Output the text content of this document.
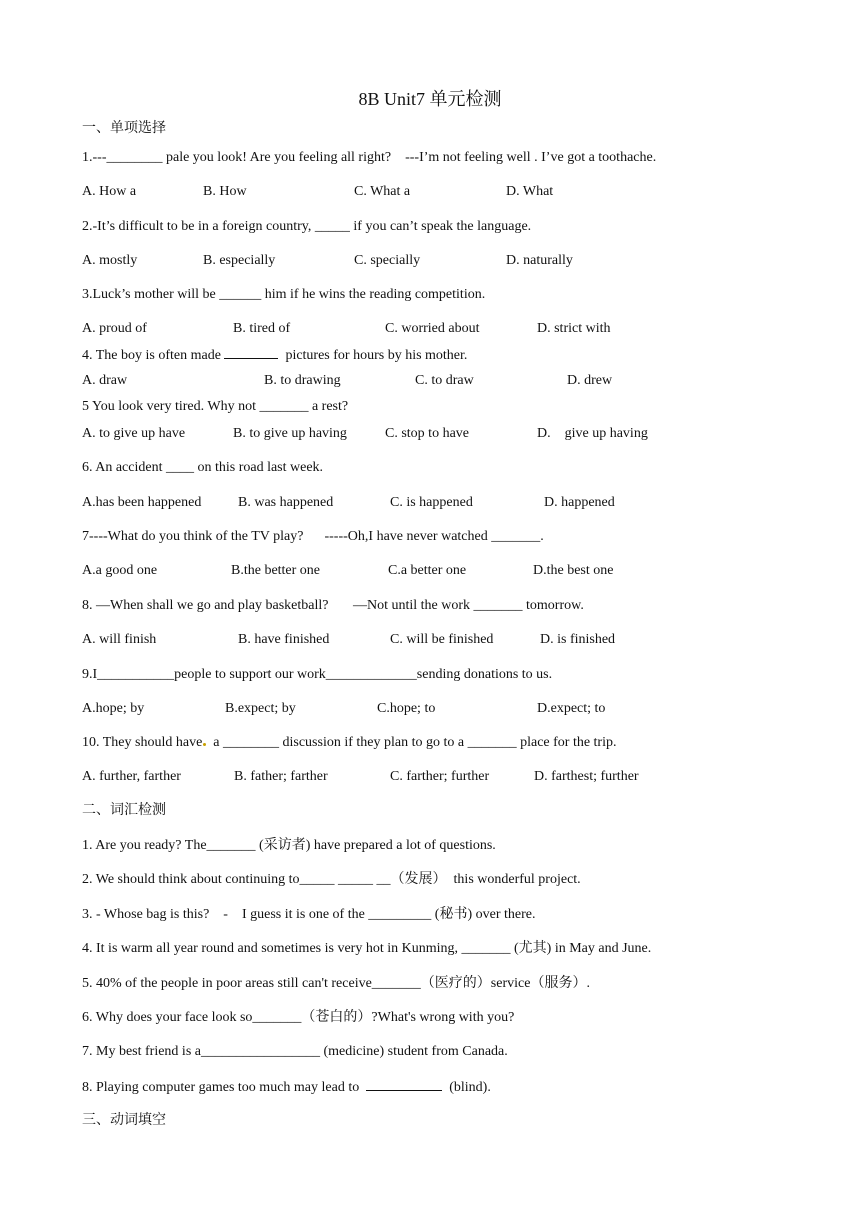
8B Unit7 单元检测
一、单项选择
1.---________ pale you look! Are you feeling all right?    ---I’m not feeling well . I’ve got a toothache.
A. How a	B. How	C. What a	D. What
2.-It’s difficult to be in a foreign country, _____ if you can’t speak the language.
A. mostly	B. especially	C. specially	D. naturally
3.Luck’s mother will be ______ him if he wins the reading competition.
A. proud of	B. tired of	C. worried about	D. strict with
4. The boy is often made	pictures for hours by his mother.
A. draw	B. to drawing	C. to draw	D. drew
5 You look very tired. Why not _______ a rest?
A. to give up have	B. to give up having	C. stop to have	D.    give up having
6. An accident ____ on this road last week.
A.has been happened	B. was happened	C. is happened	D. happened
7----What do you think of the TV play?      -----Oh,I have never watched _______.
A.a good one	B.the better one	C.a better one	D.the best one
8. —When shall we go and play basketball?       —Not until the work _______ tomorrow.
A. will finish	B. have finished	C. will be finished	D. is finished
9.I___________people to support our work_____________sending donations to us.
A.hope; by	B.expect; by	C.hope; to	D.expect; to
10. They should have  a ________ discussion if they plan to go to a _______ place for the trip.
A. further, farther	B. father; farther	C. farther; further	D. farthest; further
二、词汇检测
1. Are you ready? The_______ (采访者) have prepared a lot of questions.
2. We should think about continuing to_____ _____ __（发展）  this wonderful project.
3. - Whose bag is this?    -    I guess it is one of the _________ (秘书) over there.
4. It is warm all year round and sometimes is very hot in Kunming, _______ (尤其) in May and June.
5. 40% of the people in poor areas still can't receive_______（医疗的）service（服务）.
6. Why does your face look so_______（苍白的）?What's wrong with you?
7. My best friend is a_________________ (medicine) student from Canada.
8. Playing computer games too much may lead to	(blind).
三、动词填空
